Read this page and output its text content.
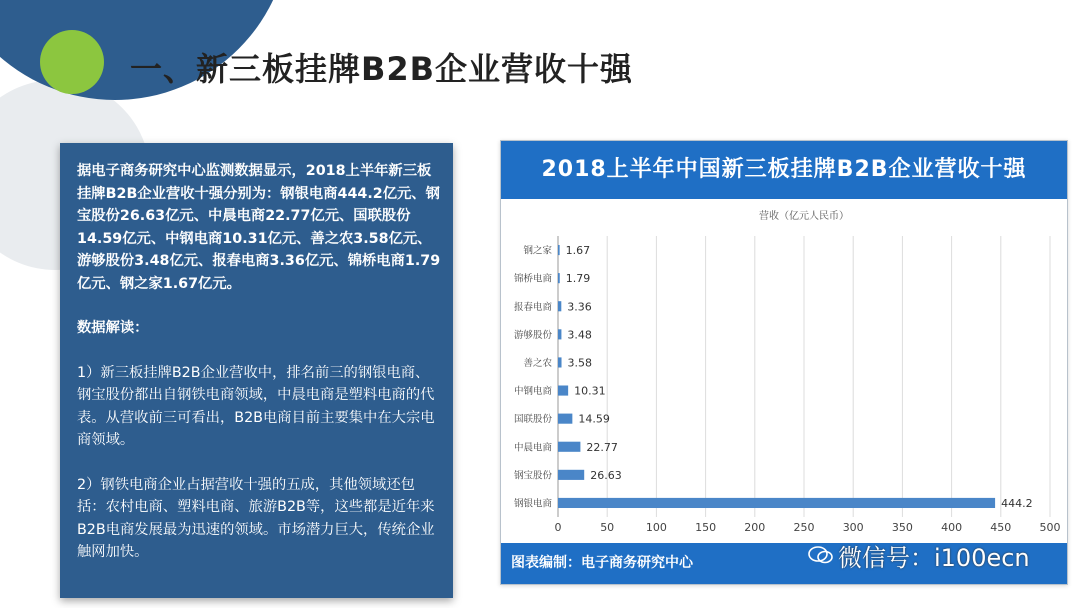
一、新三板挂牌B2B企业营收十强

据电子商务研究中心监测数据显示，2018上半年新三板挂牌B2B企业营收十强分别为：钢银电商444.2亿元、钢宝股份26.63亿元、中晨电商22.77亿元、国联股份14.59亿元、中钢电商10.31亿元、善之农3.58亿元、游够股份3.48亿元、报春电商3.36亿元、锦桥电商1.79亿元、钢之家1.67亿元。

数据解读：

1）新三板挂牌B2B企业营收中，排名前三的钢银电商、钢宝股份都出自钢铁电商领域，中晨电商是塑料电商的代表。从营收前三可看出，B2B电商目前主要集中在大宗电商领域。

2）钢铁电商企业占据营收十强的五成，其他领域还包括：农村电商、塑料电商、旅游B2B等，这些都是近年来B2B电商发展最为迅速的领域。市场潜力巨大，传统企业触网加快。

2018上半年中国新三板挂牌B2B企业营收十强
营收（亿元人民币）
0	50	100	150	200	250	300	350	400	450	500
钢之家 1.67
锦桥电商 1.79
报春电商 3.36
游够股份 3.48
善之农 3.58
中钢电商 10.31
国联股份 14.59
中晨电商	22.77
钢宝股份	26.63
钢银电商	444.2
图表编制：电子商务研究中心	微信号：i100ecn
